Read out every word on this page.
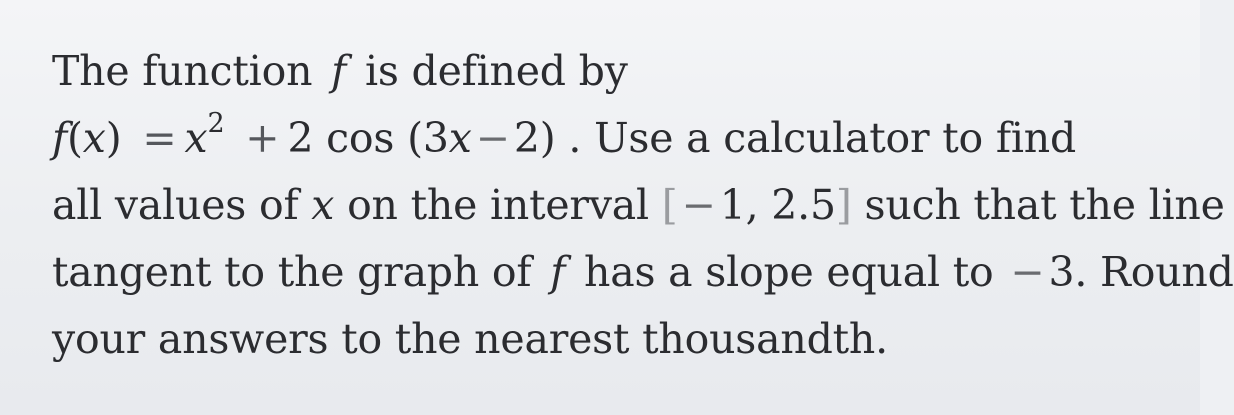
The function f is defined by
$f(x) = x^2 + 2$ cos (3x−2) . Use a calculator to find
all values of x on the interval [−1, 2.5] such that the line
tangent to the graph of f has a slope equal to −3. Round
your answers to the nearest thousandth.
